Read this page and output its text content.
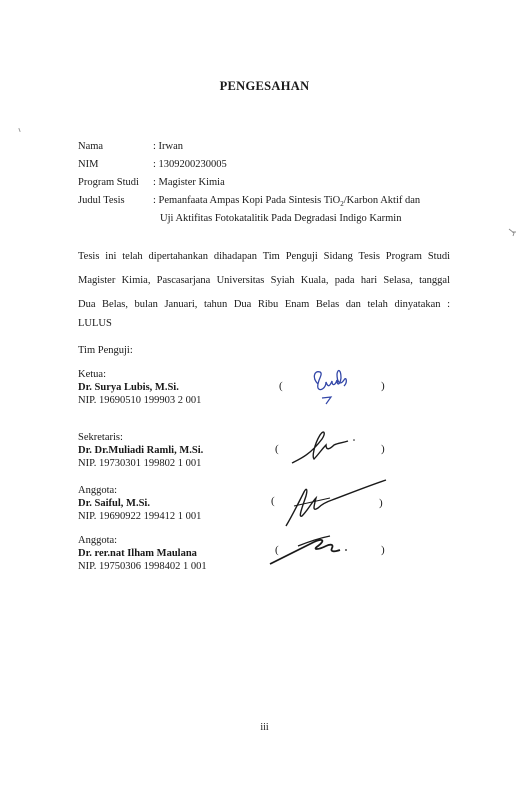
PENGESAHAN
Nama	: Irwan
NIM	: 1309200230005
Program Studi	: Magister Kimia
Judul Tesis	: Pemanfaata Ampas Kopi Pada Sintesis TiO$_2$/Karbon Aktif dan
Uji Aktifitas Fotokatalitik Pada Degradasi Indigo Karmin
Tesis ini telah dipertahankan dihadapan Tim Penguji Sidang Tesis Program Studi
Magister Kimia, Pascasarjana Universitas Syiah Kuala, pada hari Selasa, tanggal
Dua Belas, bulan Januari, tahun Dua Ribu Enam Belas dan telah dinyatakan :
LULUS
Tim Penguji:
Ketua:
Dr. Surya Lubis, M.Si.
NIP. 19690510 199903 2 001
(	)
Sekretaris:
Dr. Dr.Muliadi Ramli, M.Si.
NIP. 19730301 199802 1 001
(	)
Anggota:
Dr. Saiful, M.Si.
NIP. 19690922 199412 1 001
(	)
Anggota:
Dr. rer.nat Ilham Maulana
NIP. 19750306 1998402 1 001
(	)
iii
